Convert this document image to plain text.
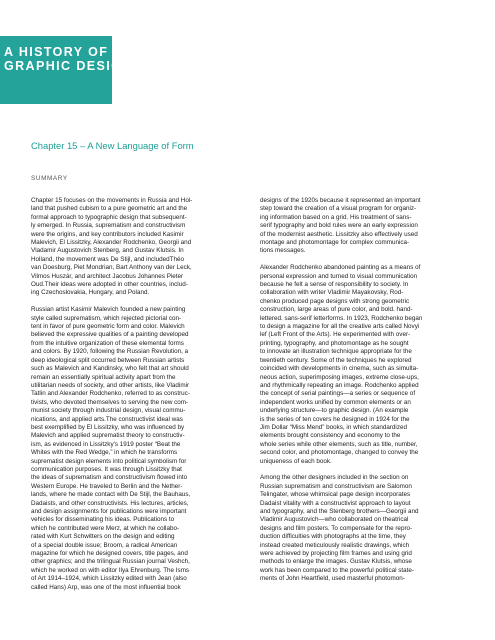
A HISTORY OF
GRAPHIC DESIGN
Chapter 15 – A New Language of Form
SUMMARY

Chapter 15 focuses on the movements in Russia and Hol-
land that pushed cubism to a pure geometric art and the
formal approach to typographic design that subsequent-
ly emerged. In Russia, suprematism and constructivism
were the origins, and key contributors included Kasimir
Malevich, El Lissitzky, Alexander Rodchenko, Georgii and
Vladamir Augustovich Stenberg, and Gustav Klutsis. In
Holland, the movement was De Stijl, and includedThéo
van Doesburg, Piet Mondrian, Bart Anthony van der Leck,
Vilmos Huszár, and architect Jacobus Johannes Pieter
Oud.Their ideas were adopted in other countries, includ-
ing Czechoslovakia, Hungary, and Poland.

Russian artist Kasimir Malevich founded a new painting
style called suprematism, which rejected pictorial con-
tent in favor of pure geometric form and color. Malevich
believed the expressive qualities of a painting developed
from the intuitive organization of these elemental forms
and colors. By 1920, following the Russian Revolution, a
deep ideological split occurred between Russian artists
such as Malevich and Kandinsky, who felt that art should
remain an essentially spiritual activity apart from the
utilitarian needs of society, and other artists, like Vladimir
Tatlin and Alexander Rodchenko, referred to as construc-
tivists, who devoted themselves to serving the new com-
munist society through industrial design, visual commu-
nications, and applied arts.The constructivist ideal was
best exemplified by El Lissitzky, who was influenced by
Malevich and applied suprematist theory to constructiv-
ism, as evidenced in Lissitzky’s 1919 poster “Beat the
Whites with the Red Wedge,” in which he transforms
suprematist design elements into political symbolism for
communication purposes. It was through Lissitzky that
the ideas of suprematism and constructivism flowed into
Western Europe. He traveled to Berlin and the Nether-
lands, where he made contact with De Stijl, the Bauhaus,
Dadaists, and other constructivists. His lectures, articles,
and design assignments for publications were important
vehicles for disseminating his ideas. Publications to
which he contributed were Merz, at which he collabo-
rated with Kurt Schwitters on the design and editing
of a special double issue; Broom, a radical American
magazine for which he designed covers, title pages, and
other graphics; and the trilingual Russian journal Veshch,
which he worked on with editor Ilya Ehrenburg. The Isms
of Art 1914–1924, which Lissitzky edited with Jean (also
called Hans) Arp, was one of the most influential book

designs of the 1920s because it represented an important
step toward the creation of a visual program for organiz-
ing information based on a grid. His treatment of sans-
serif typography and bold rules were an early expression
of the modernist aesthetic. Lissitzky also effectively used
montage and photomontage for complex communica-
tions messages.

Alexander Rodchenko abandoned painting as a means of
personal expression and turned to visual communication
because he felt a sense of responsibility to society. In
collaboration with writer Vladimir Mayakovsky, Rod-
chenko produced page designs with strong geometric
construction, large areas of pure color, and bold. hand-
lettered. sans-serif letterforms. In 1923, Rodchenko began
to design a magazine for all the creative arts called Novyi
lef (Left Front of the Arts). He experimented with over-
printing, typography, and photomontage as he sought
to innovate an illustration technique appropriate for the
twentieth century. Some of the techniques he explored
coincided with developments in cinema, such as simulta-
neous action, superimposing images, extreme close-ups,
and rhythmically repeating an image. Rodchenko applied
the concept of serial paintings—a series or sequence of
independent works unified by common elements or an
underlying structure—to graphic design. (An example
is the series of ten covers he designed in 1924 for the
Jim Dollar “Miss Mend” books, in which standardized
elements brought consistency and economy to the
whole series while other elements, such as title, number,
second color, and photomontage, changed to convey the
uniqueness of each book.

Among the other designers included in the section on
Russian suprematism and constructivism are Salomon
Telingater, whose whimsical page design incorporates
Dadaist vitality with a constructivist approach to layout
and typography, and the Stenberg brothers—Georgii and
Vladimir Augustovich—who collaborated on theatrical
designs and film posters. To compensate for the repro-
duction difficulties with photographs at the time, they
instead created meticulously realistic drawings, which
were achieved by projecting film frames and using grid
methods to enlarge the images. Gustav Klutsis, whose
work has been compared to the powerful political state-
ments of John Heartfield, used masterful photomon-
